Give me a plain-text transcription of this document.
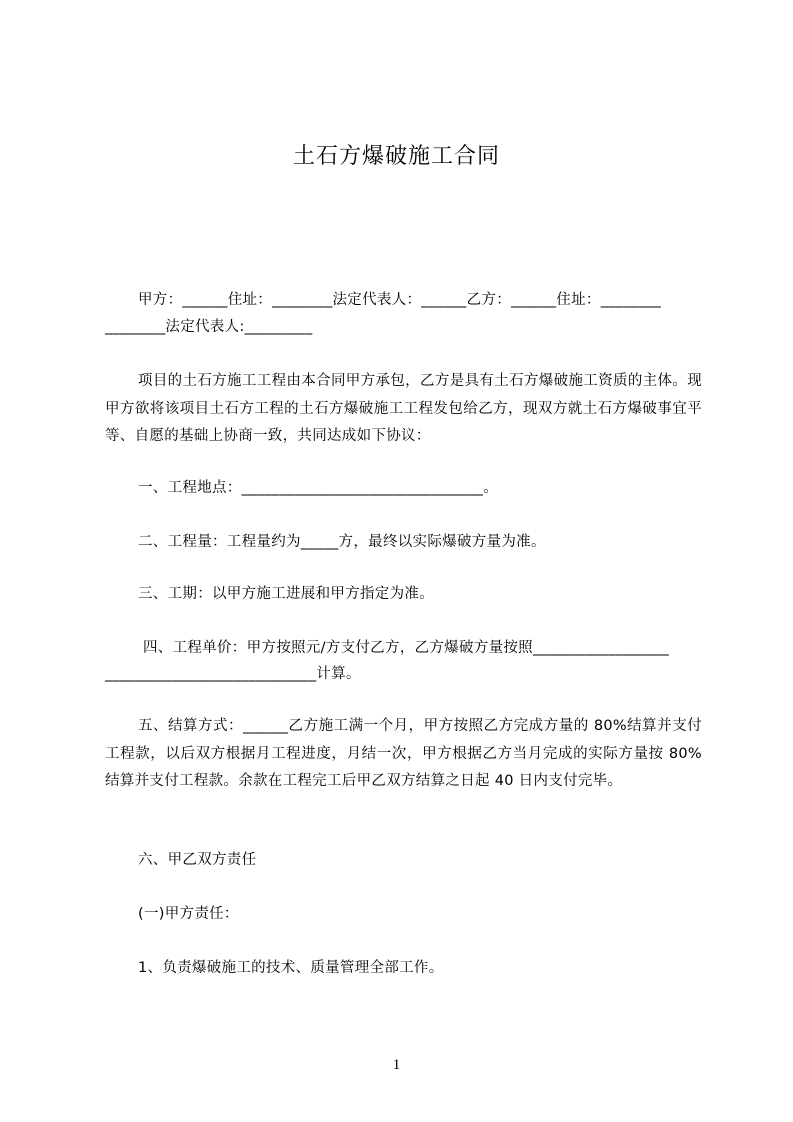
土石方爆破施工合同
甲方：______住址：________法定代表人：______乙方：______住址：________
________法定代表人:_________

项目的土石方施工工程由本合同甲方承包，乙方是具有土石方爆破施工资质的主体。现甲方欲将该项目土石方工程的土石方爆破施工工程发包给乙方，现双方就土石方爆破事宜平等、自愿的基础上协商一致，共同达成如下协议：

一、工程地点：________________________________。
二、工程量：工程量约为_____方，最终以实际爆破方量为准。
三、工期：以甲方施工进展和甲方指定为准。
四、工程单价：甲方按照元/方支付乙方，乙方爆破方量按照__________________
____________________________计算。

五、结算方式：______乙方施工满一个月，甲方按照乙方完成方量的 80%结算并支付工程款，以后双方根据月工程进度，月结一次，甲方根据乙方当月完成的实际方量按 80%结算并支付工程款。余款在工程完工后甲乙双方结算之日起 40 日内支付完毕。

六、甲乙双方责任
(一)甲方责任：
1、负责爆破施工的技术、质量管理全部工作。
1
